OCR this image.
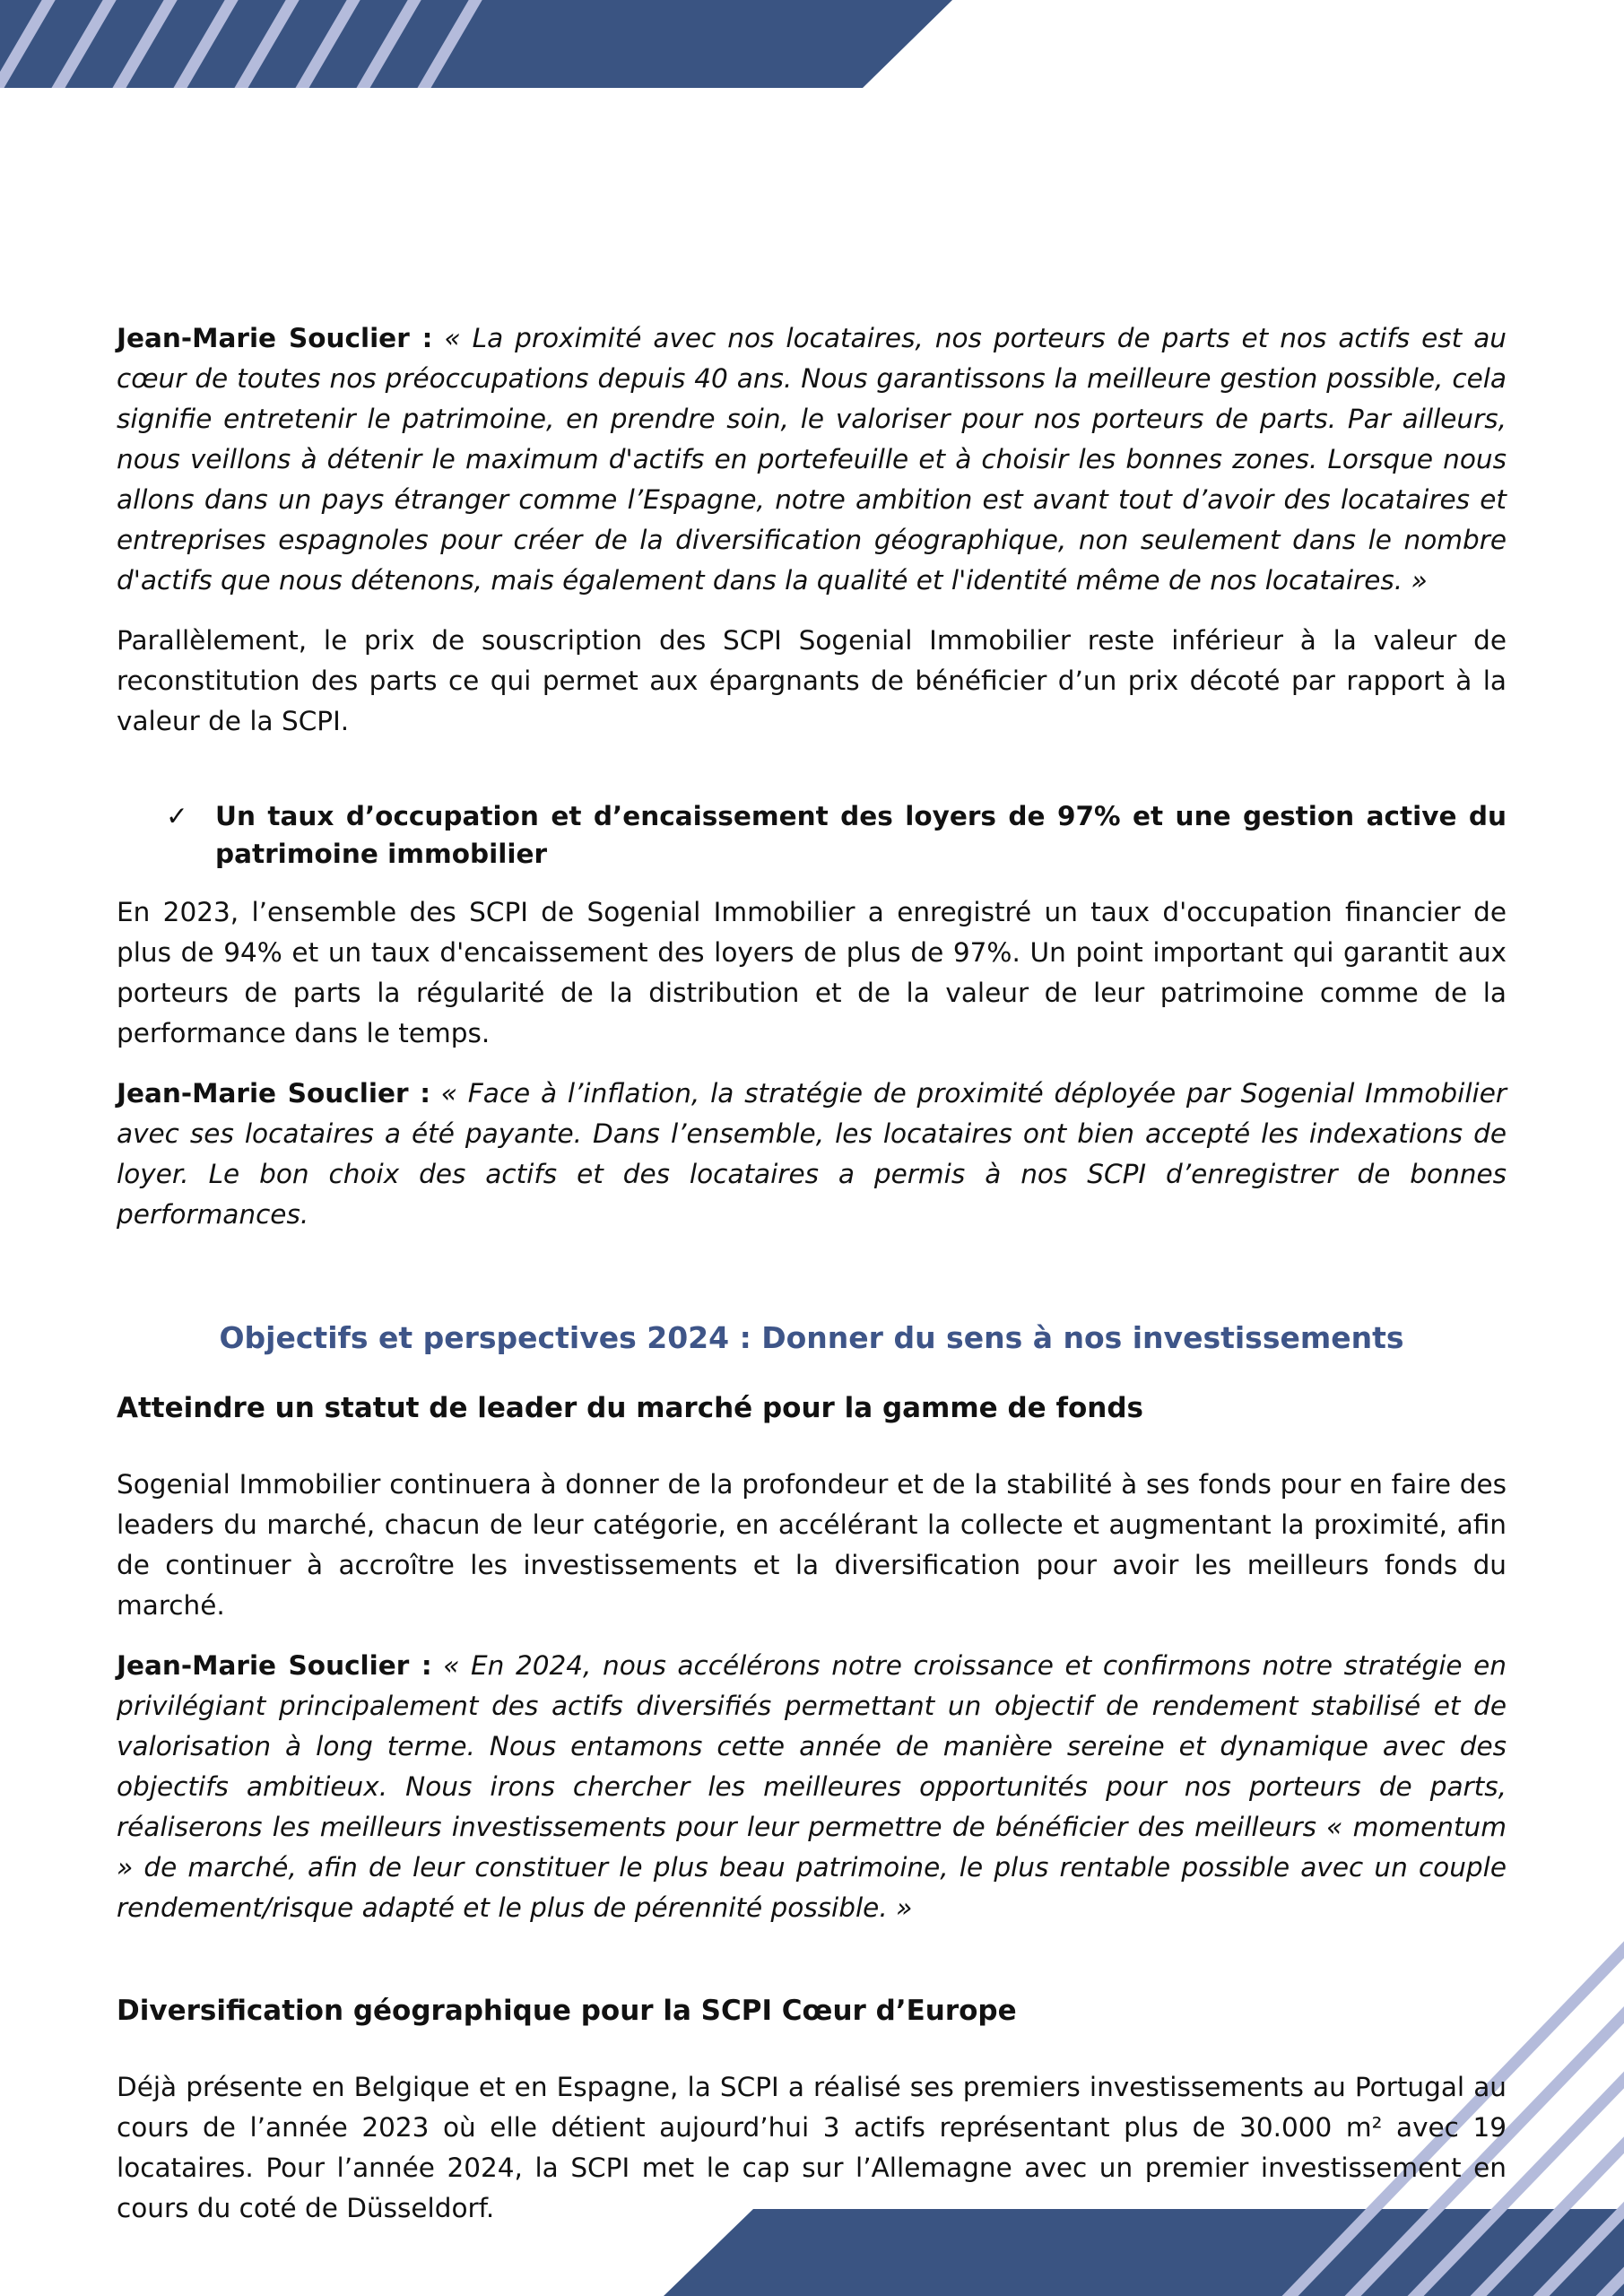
Jean-Marie Souclier : « La proximité avec nos locataires, nos porteurs de parts et nos actifs est au cœur de toutes nos préoccupations depuis 40 ans. Nous garantissons la meilleure gestion possible, cela signifie entretenir le patrimoine, en prendre soin, le valoriser pour nos porteurs de parts. Par ailleurs, nous veillons à détenir le maximum d'actifs en portefeuille et à choisir les bonnes zones. Lorsque nous allons dans un pays étranger comme l’Espagne, notre ambition est avant tout d’avoir des locataires et entreprises espagnoles pour créer de la diversification géographique, non seulement dans le nombre d'actifs que nous détenons, mais également dans la qualité et l'identité même de nos locataires. »

Parallèlement, le prix de souscription des SCPI Sogenial Immobilier reste inférieur à la valeur de reconstitution des parts ce qui permet aux épargnants de bénéficier d’un prix décoté par rapport à la valeur de la SCPI.

✓ Un taux d’occupation et d’encaissement des loyers de 97% et une gestion active du patrimoine immobilier

En 2023, l’ensemble des SCPI de Sogenial Immobilier a enregistré un taux d'occupation financier de plus de 94% et un taux d'encaissement des loyers de plus de 97%. Un point important qui garantit aux porteurs de parts la régularité de la distribution et de la valeur de leur patrimoine comme de la performance dans le temps.

Jean-Marie Souclier : « Face à l’inflation, la stratégie de proximité déployée par Sogenial Immobilier avec ses locataires a été payante. Dans l’ensemble, les locataires ont bien accepté les indexations de loyer. Le bon choix des actifs et des locataires a permis à nos SCPI d’enregistrer de bonnes performances.

Objectifs et perspectives 2024 : Donner du sens à nos investissements
Atteindre un statut de leader du marché pour la gamme de fonds

Sogenial Immobilier continuera à donner de la profondeur et de la stabilité à ses fonds pour en faire des leaders du marché, chacun de leur catégorie, en accélérant la collecte et augmentant la proximité, afin de continuer à accroître les investissements et la diversification pour avoir les meilleurs fonds du marché.

Jean-Marie Souclier : « En 2024, nous accélérons notre croissance et confirmons notre stratégie en privilégiant principalement des actifs diversifiés permettant un objectif de rendement stabilisé et de valorisation à long terme. Nous entamons cette année de manière sereine et dynamique avec des objectifs ambitieux. Nous irons chercher les meilleures opportunités pour nos porteurs de parts, réaliserons les meilleurs investissements pour leur permettre de bénéficier des meilleurs « momentum » de marché, afin de leur constituer le plus beau patrimoine, le plus rentable possible avec un couple rendement/risque adapté et le plus de pérennité possible. »

Diversification géographique pour la SCPI Cœur d’Europe

Déjà présente en Belgique et en Espagne, la SCPI a réalisé ses premiers investissements au Portugal au cours de l’année 2023 où elle détient aujourd’hui 3 actifs représentant plus de 30.000 m² avec 19 locataires. Pour l’année 2024, la SCPI met le cap sur l’Allemagne avec un premier investissement en cours du coté de Düsseldorf.
